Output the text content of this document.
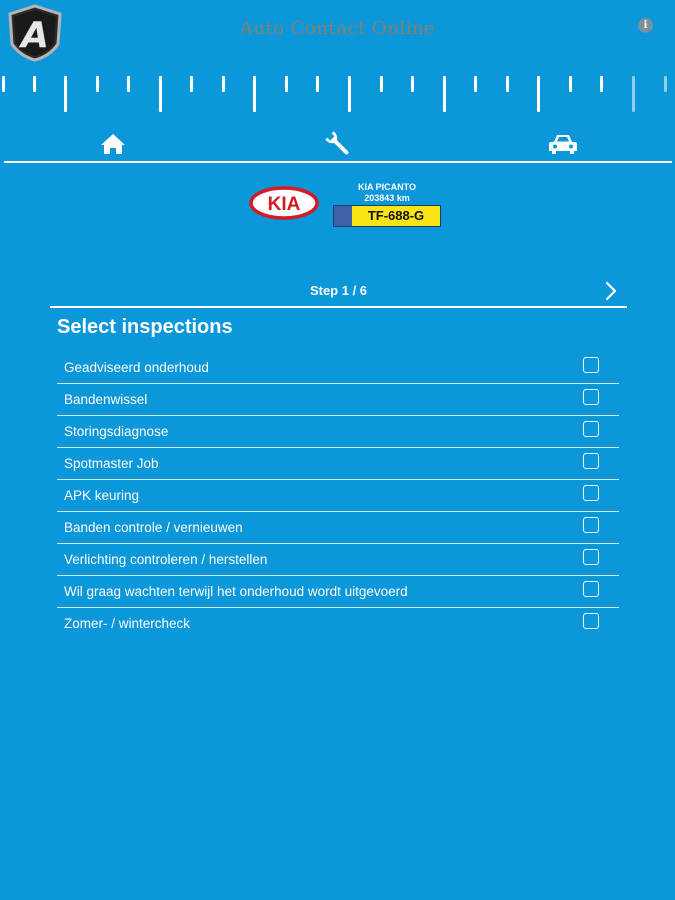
A	Auto Contact Online	i
KIA
KIA PICANTO
203843 km
TF-688-G
Step 1 / 6
Select inspections
Geadviseerd onderhoud
Bandenwissel
Storingsdiagnose
Spotmaster Job
APK keuring
Banden controle / vernieuwen
Verlichting controleren / herstellen
Wil graag wachten terwijl het onderhoud wordt uitgevoerd
Zomer- / wintercheck
